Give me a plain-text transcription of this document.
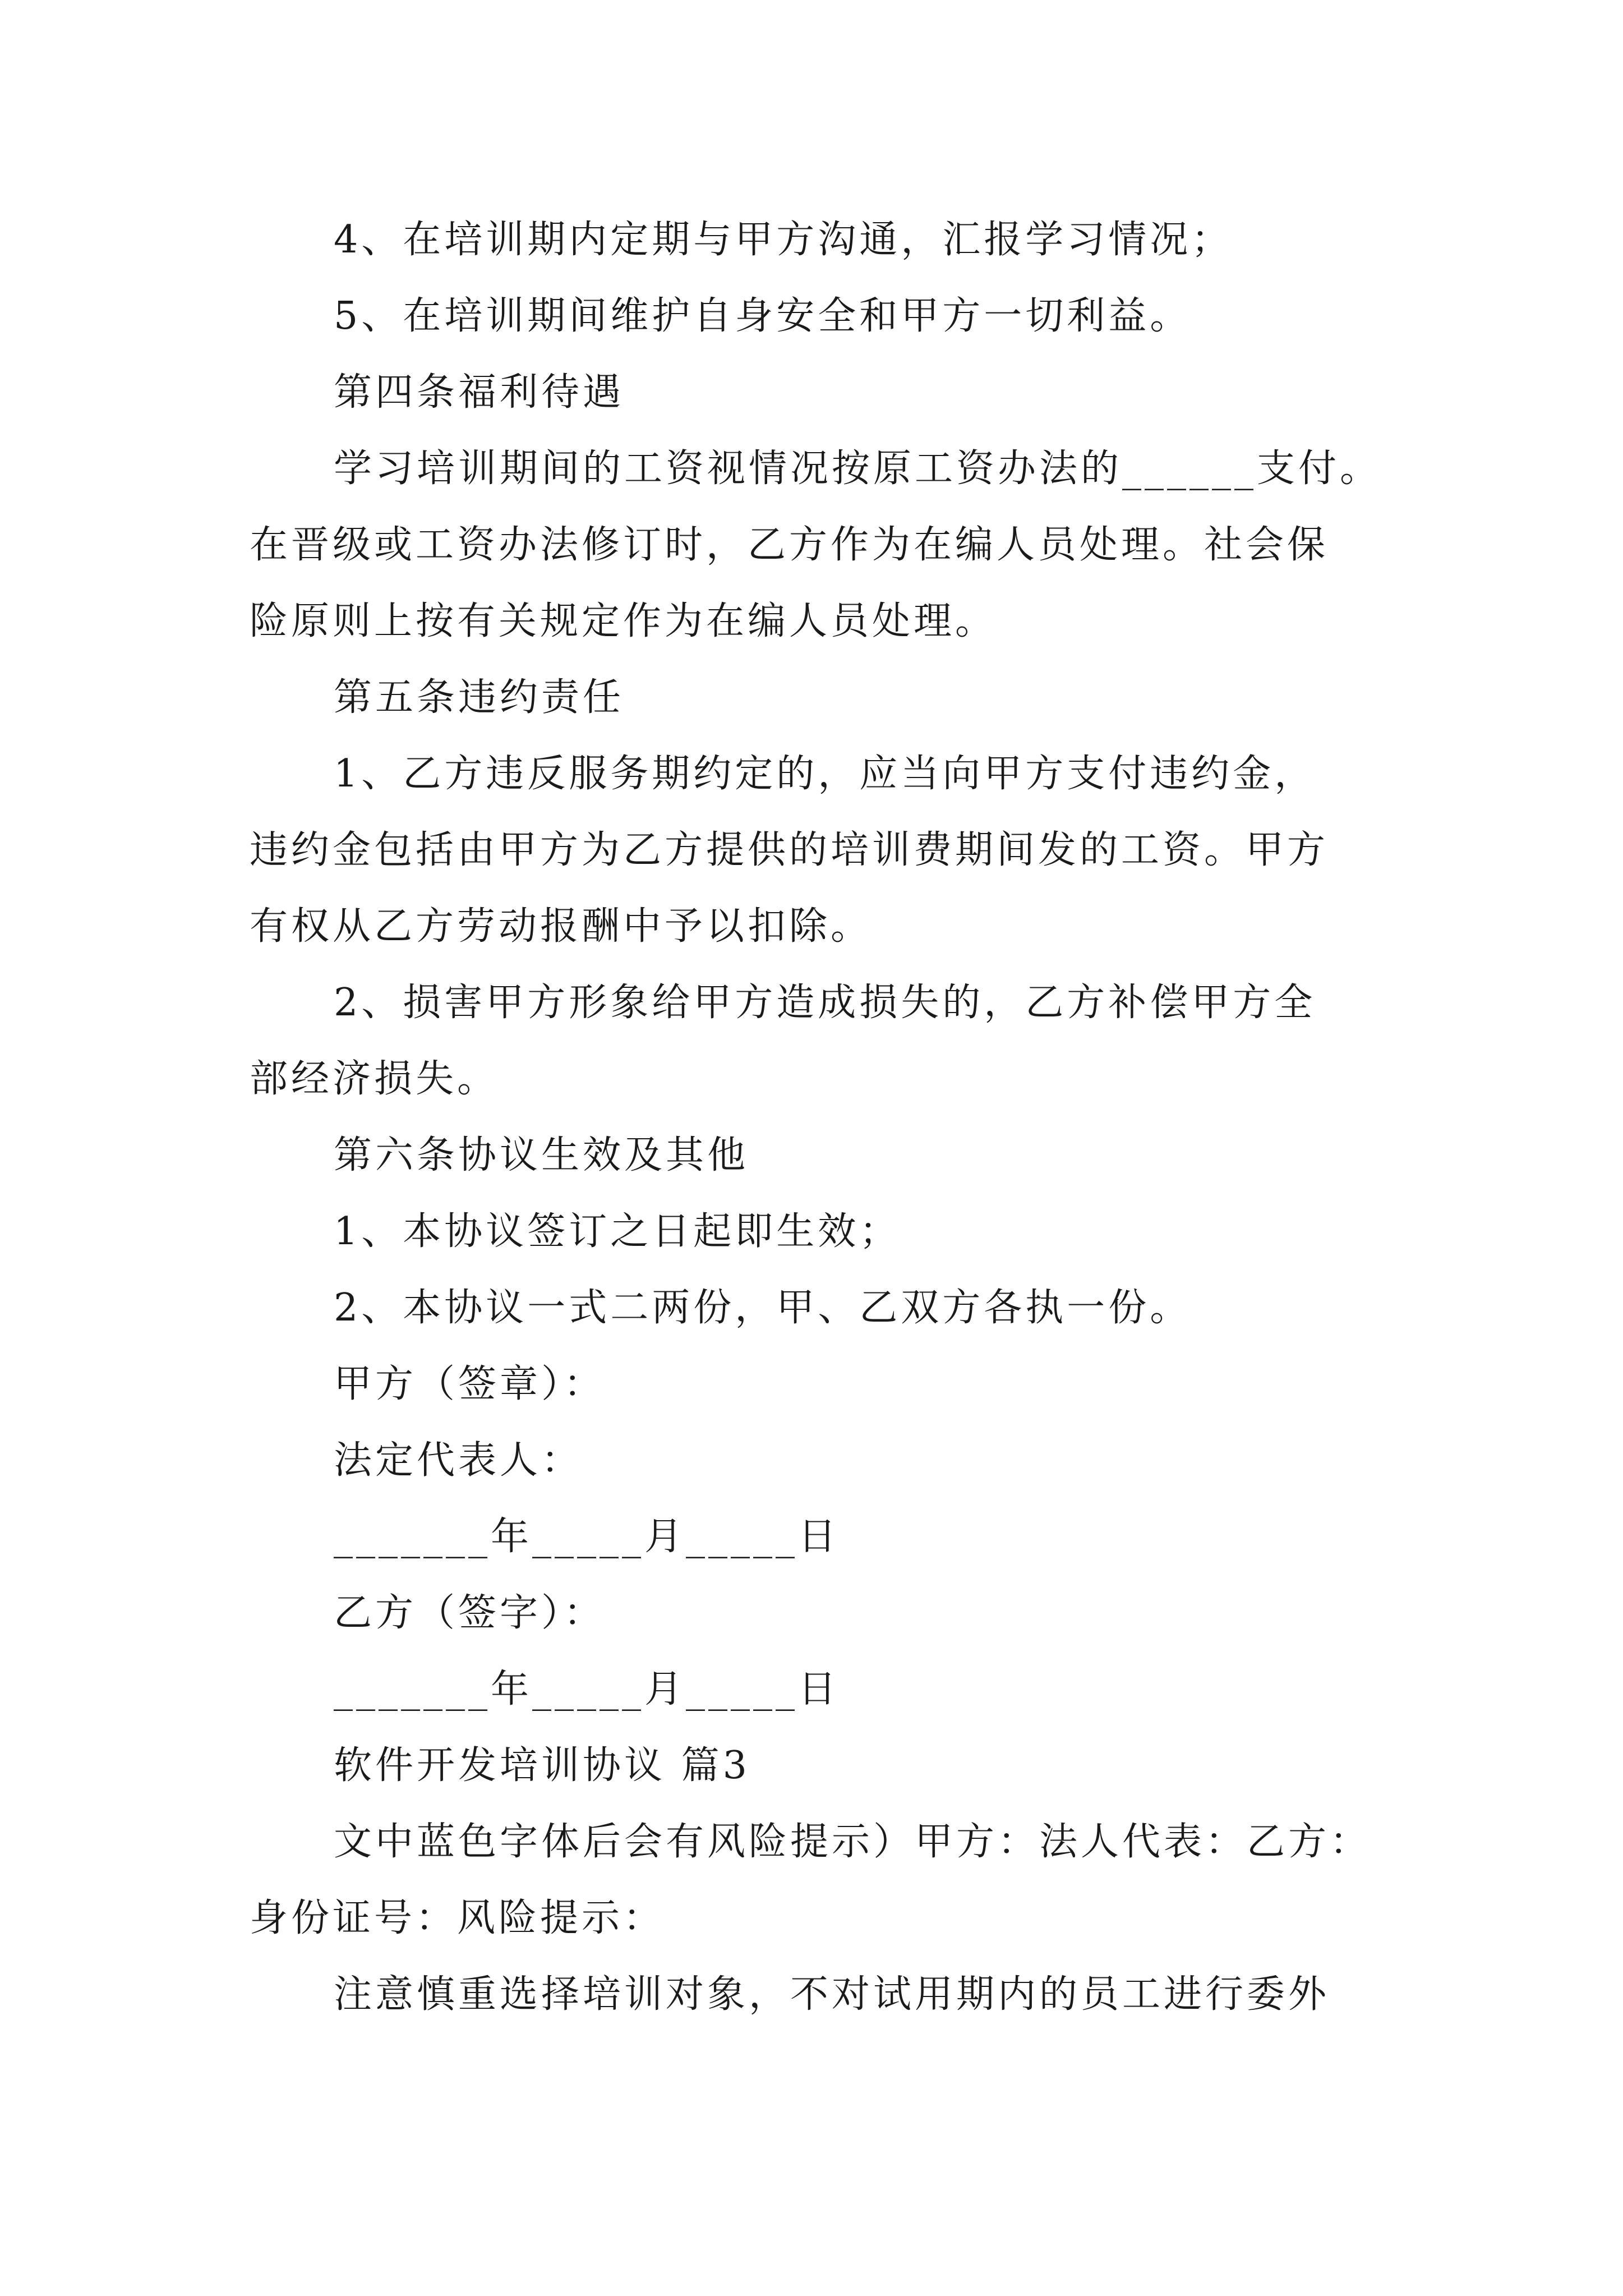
4、在培训期内定期与甲方沟通，汇报学习情况；
5、在培训期间维护自身安全和甲方一切利益。
第四条福利待遇
学习培训期间的工资视情况按原工资办法的______支付。
在晋级或工资办法修订时，乙方作为在编人员处理。社会保
险原则上按有关规定作为在编人员处理。
第五条违约责任
1、乙方违反服务期约定的，应当向甲方支付违约金，
违约金包括由甲方为乙方提供的培训费期间发的工资。甲方
有权从乙方劳动报酬中予以扣除。
2、损害甲方形象给甲方造成损失的，乙方补偿甲方全
部经济损失。
第六条协议生效及其他
1、本协议签订之日起即生效；
2、本协议一式二两份，甲、乙双方各执一份。
甲方（签章）：
法定代表人：
_______年_____月_____日
乙方（签字）：
_______年_____月_____日
软件开发培训协议 篇3
文中蓝色字体后会有风险提示）甲方：法人代表：乙方：
身份证号：风险提示：
注意慎重选择培训对象，不对试用期内的员工进行委外
